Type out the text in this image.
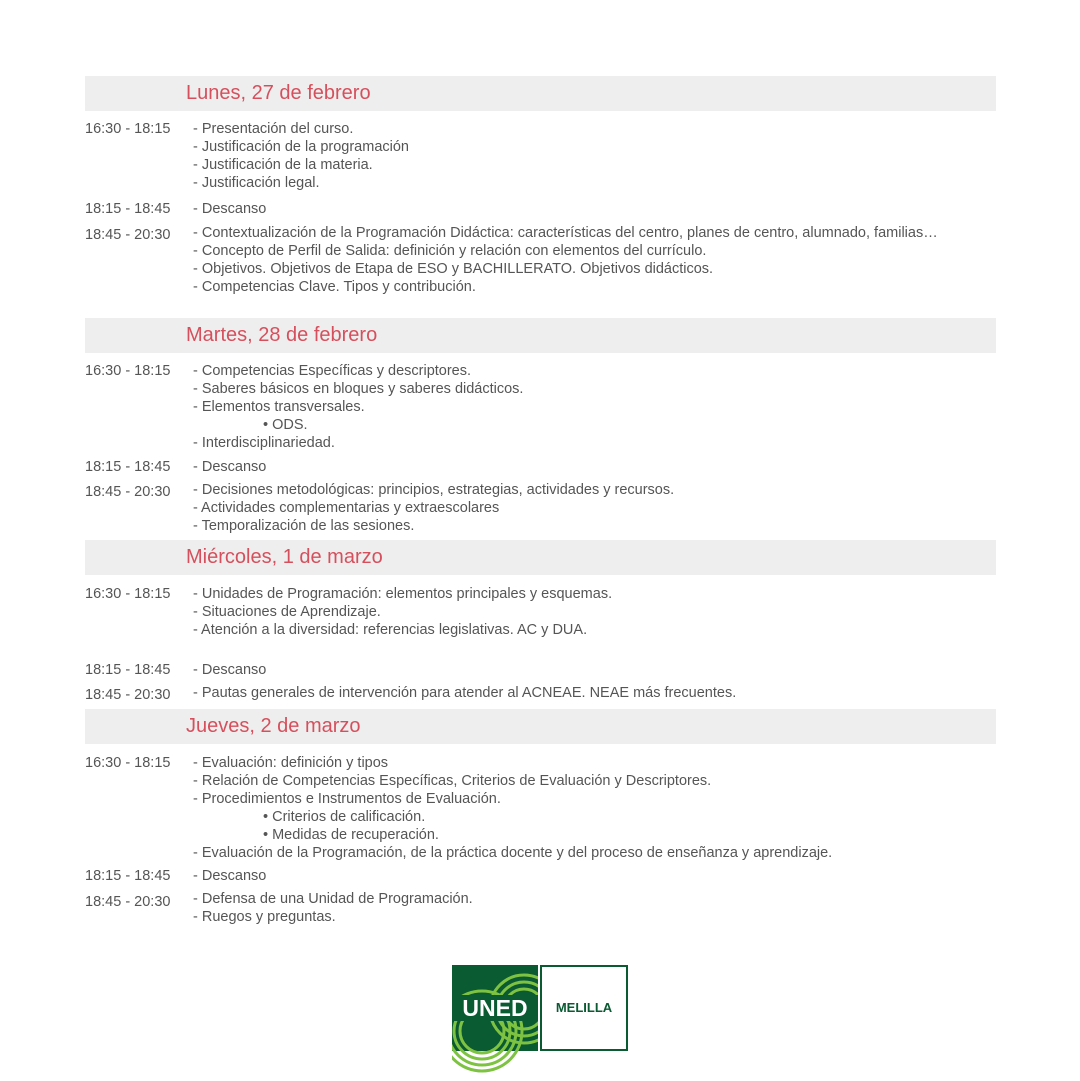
Lunes, 27 de febrero
Martes, 28 de febrero
Miércoles, 1 de marzo
Jueves, 2 de marzo
16:30 - 18:15 - Presentación del curso.
- Justificación de la programación
- Justificación de la materia.
- Justificación legal.
18:15 - 18:45 - Descanso
18:45 - 20:30 - Contextualización de la Programación Didáctica: características del centro, planes de centro, alumnado, familias…
- Concepto de Perfil de Salida: definición y relación con elementos del currículo.
- Objetivos. Objetivos de Etapa de ESO y BACHILLERATO. Objetivos didácticos.
- Competencias Clave. Tipos y contribución.
16:30 - 18:15 - Competencias Específicas y descriptores.
- Saberes básicos en bloques y saberes didácticos.
- Elementos transversales.
• ODS.
- Interdisciplinariedad.
18:15 - 18:45 - Descanso
18:45 - 20:30 - Decisiones metodológicas: principios, estrategias, actividades y recursos.
- Actividades complementarias y extraescolares
- Temporalización de las sesiones.
16:30 - 18:15 - Unidades de Programación: elementos principales y esquemas.
- Situaciones de Aprendizaje.
- Atención a la diversidad: referencias legislativas. AC y DUA.
18:15 - 18:45 - Descanso
18:45 - 20:30 - Pautas generales de intervención para atender al ACNEAE. NEAE más frecuentes.
16:30 - 18:15 - Evaluación: definición y tipos
- Relación de Competencias Específicas, Criterios de Evaluación y Descriptores.
- Procedimientos e Instrumentos de Evaluación.
• Criterios de calificación.
• Medidas de recuperación.
- Evaluación de la Programación, de la práctica docente y del proceso de enseñanza y aprendizaje.
18:15 - 18:45 - Descanso
18:45 - 20:30 - Defensa de una Unidad de Programación.
- Ruegos y preguntas.
UNED MELILLA
